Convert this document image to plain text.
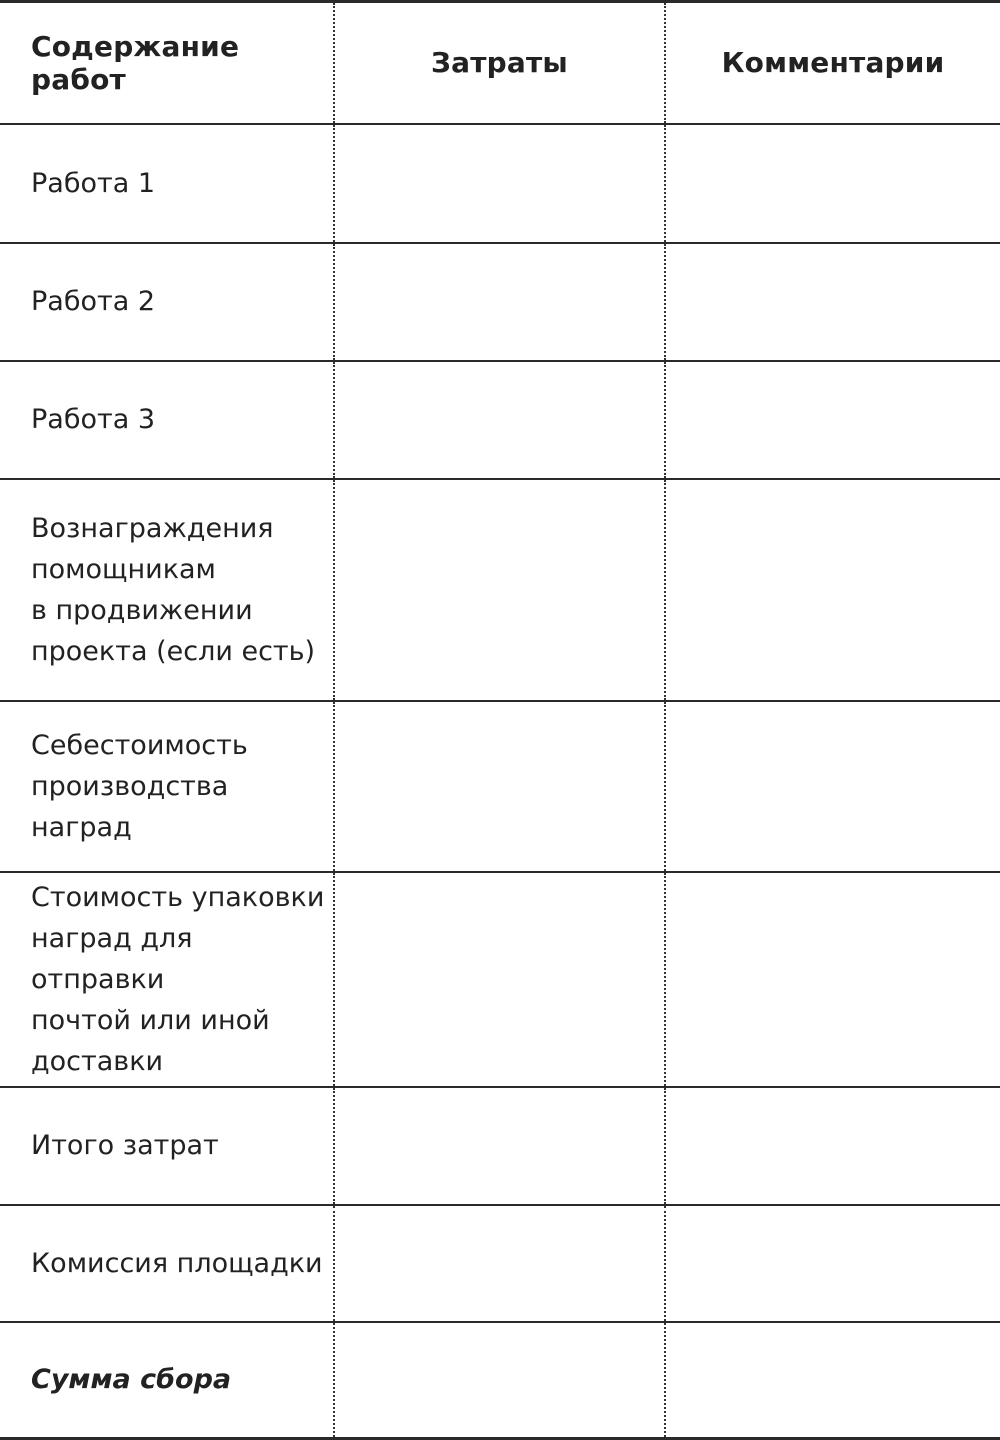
Содержание работ	Затраты	Комментарии

Работа 1		

Работа 2		

Работа 3		

Вознаграждения
помощникам
в продвижении
проекта (если есть)		

Себестоимость
производства
наград		

Стоимость упаковки
наград для отправки
почтой или иной
доставки		

Итого затрат		

Комиссия площадки		

Сумма сбора		
